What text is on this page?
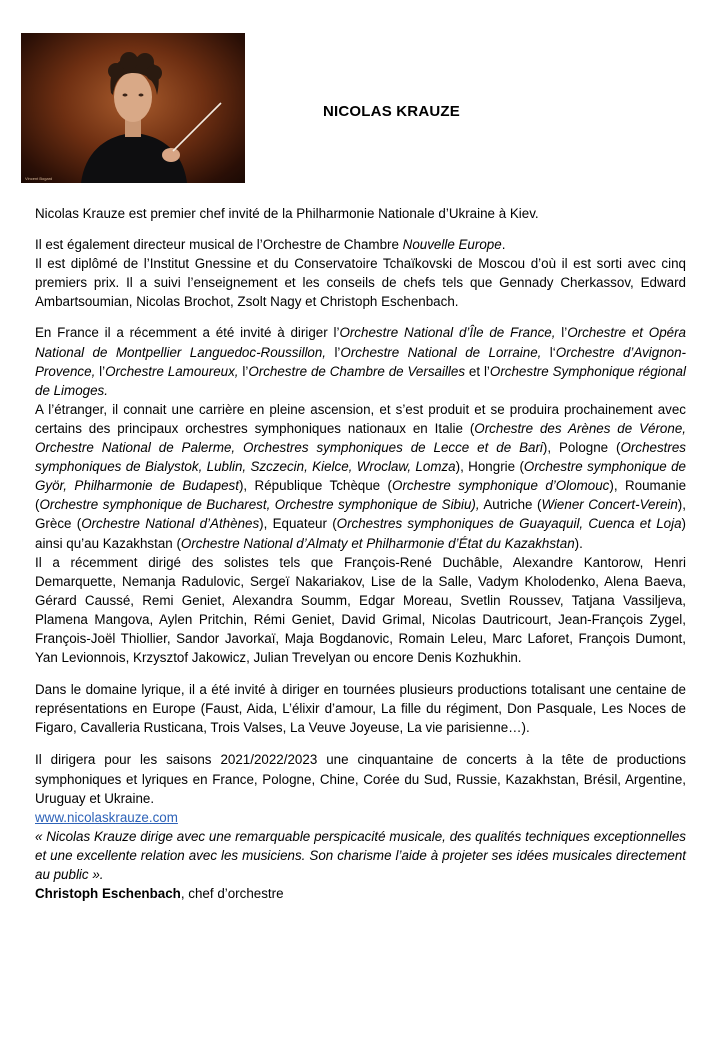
Vincent Bogard
NICOLAS KRAUZE

Nicolas Krauze est premier chef invité de la Philharmonie Nationale d’Ukraine à Kiev.

Il est également directeur musical de l’Orchestre de Chambre Nouvelle Europe.

Il est diplômé de l’Institut Gnessine et du Conservatoire Tchaïkovski de Moscou d’où il est sorti avec cinq premiers prix. Il a suivi l’enseignement et les conseils de chefs tels que Gennady Cherkassov, Edward Ambartsoumian, Nicolas Brochot, Zsolt Nagy et Christoph Eschenbach.

En France il a récemment a été invité à diriger l’Orchestre National d’Île de France, l’Orchestre et Opéra National de Montpellier Languedoc-Roussillon, l’Orchestre National de Lorraine, l‘Orchestre d’Avignon-Provence, l’Orchestre Lamoureux, l’Orchestre de Chambre de Versailles et l’Orchestre Symphonique régional de Limoges.

A l’étranger, il connait une carrière en pleine ascension, et s’est produit et se produira prochainement avec certains des principaux orchestres symphoniques nationaux en Italie (Orchestre des Arènes de Vérone, Orchestre National de Palerme, Orchestres symphoniques de Lecce et de Bari), Pologne (Orchestres symphoniques de Bialystok, Lublin, Szczecin, Kielce, Wroclaw, Lomza), Hongrie (Orchestre symphonique de Györ, Philharmonie de Budapest), République Tchèque (Orchestre symphonique d’Olomouc), Roumanie (Orchestre symphonique de Bucharest, Orchestre symphonique de Sibiu), Autriche (Wiener Concert-Verein), Grèce (Orchestre National d’Athènes), Equateur (Orchestres symphoniques de Guayaquil, Cuenca et Loja) ainsi qu’au Kazakhstan (Orchestre National d’Almaty et Philharmonie d’État du Kazakhstan).

Il a récemment dirigé des solistes tels que François-René Duchâble, Alexandre Kantorow, Henri Demarquette, Nemanja Radulovic, Sergeï Nakariakov, Lise de la Salle, Vadym Kholodenko, Alena Baeva, Gérard Caussé, Remi Geniet, Alexandra Soumm, Edgar Moreau, Svetlin Roussev, Tatjana Vassiljeva, Plamena Mangova, Aylen Pritchin, Rémi Geniet, David Grimal, Nicolas Dautricourt, Jean-François Zygel, François-Joël Thiollier, Sandor Javorkaï, Maja Bogdanovic, Romain Leleu, Marc Laforet, François Dumont, Yan Levionnois, Krzysztof Jakowicz, Julian Trevelyan ou encore Denis Kozhukhin.

Dans le domaine lyrique, il a été invité à diriger en tournées plusieurs productions totalisant une centaine de représentations en Europe (Faust, Aida, L’élixir d’amour, La fille du régiment, Don Pasquale, Les Noces de Figaro, Cavalleria Rusticana, Trois Valses, La Veuve Joyeuse, La vie parisienne…).

Il dirigera pour les saisons 2021/2022/2023 une cinquantaine de concerts à la tête de productions symphoniques et lyriques en France, Pologne, Chine, Corée du Sud, Russie, Kazakhstan, Brésil, Argentine, Uruguay et Ukraine.

www.nicolaskrauze.com

« Nicolas Krauze dirige avec une remarquable perspicacité musicale, des qualités techniques exceptionnelles et une excellente relation avec les musiciens. Son charisme l’aide à projeter ses idées musicales directement au public ».

Christoph Eschenbach, chef d’orchestre
